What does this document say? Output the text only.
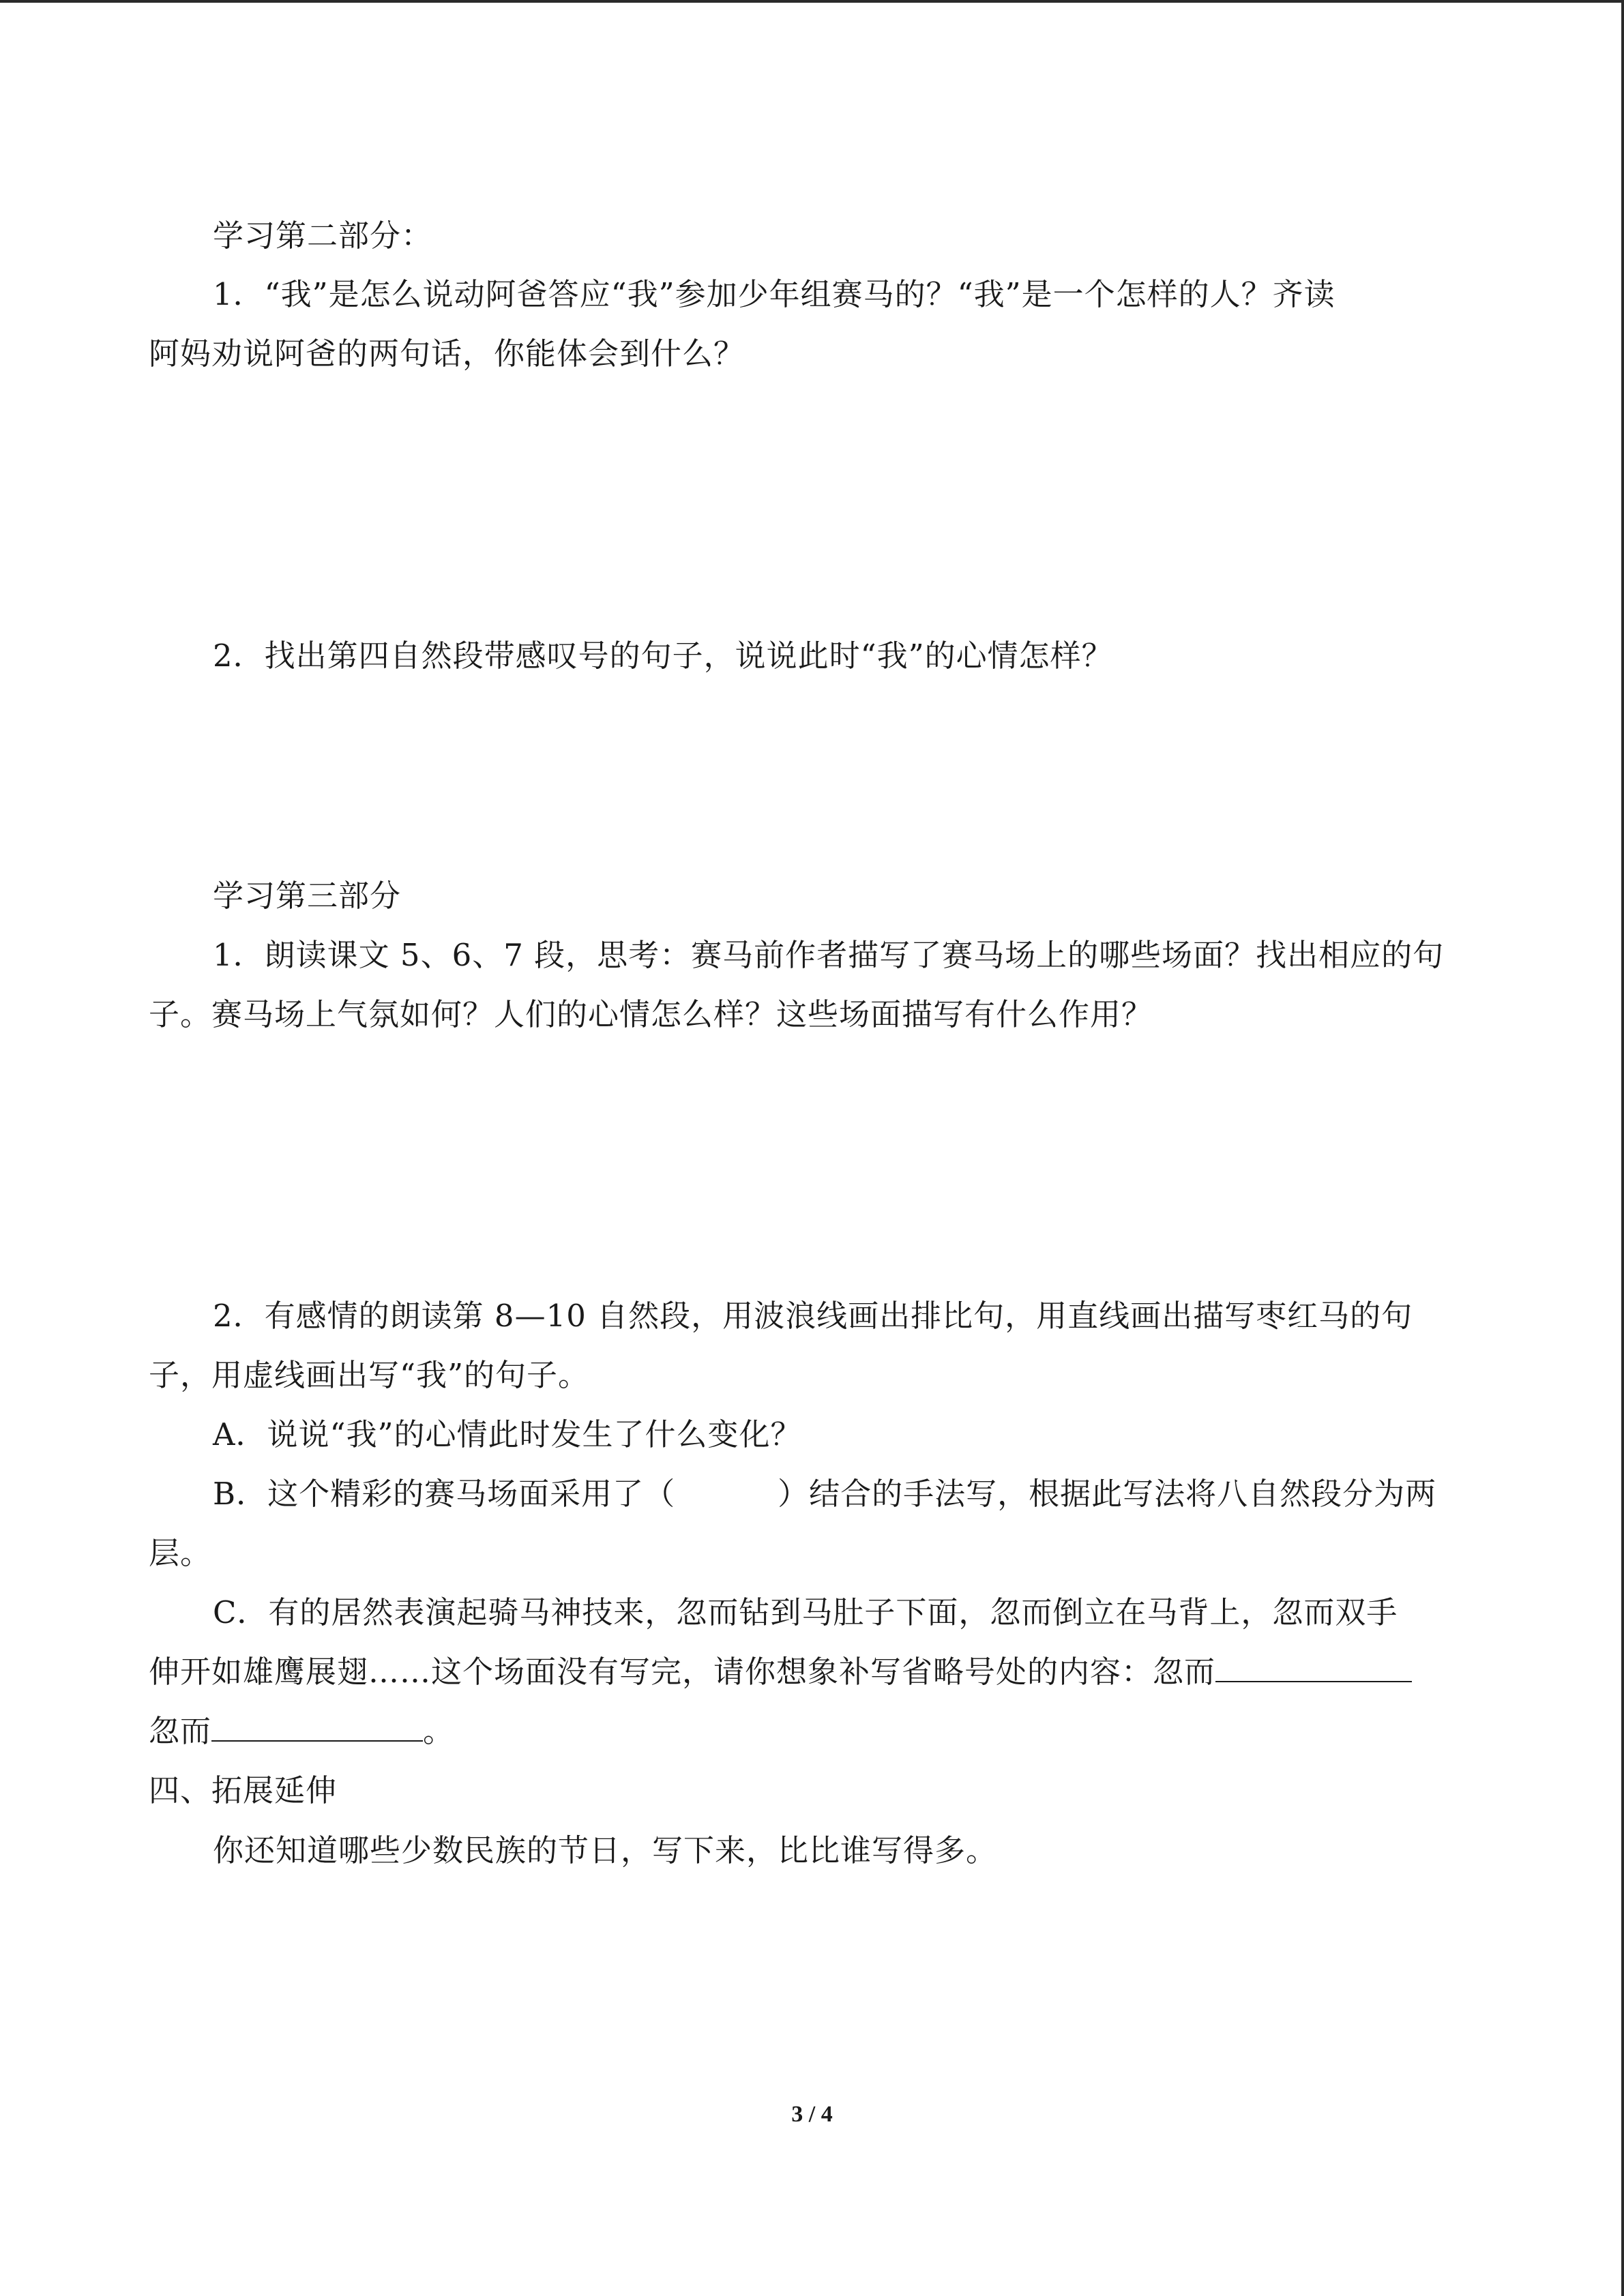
学习第二部分：
1．“我”是怎么说动阿爸答应“我”参加少年组赛马的？“我”是一个怎样的人？齐读
阿妈劝说阿爸的两句话，你能体会到什么？
2．找出第四自然段带感叹号的句子，说说此时“我”的心情怎样？
学习第三部分
1．朗读课文 5、6、7 段，思考：赛马前作者描写了赛马场上的哪些场面？找出相应的句
子。赛马场上气氛如何？人们的心情怎么样？这些场面描写有什么作用？
2．有感情的朗读第 8—10 自然段，用波浪线画出排比句，用直线画出描写枣红马的句
子，用虚线画出写“我”的句子。
A．说说“我”的心情此时发生了什么变化？
B．这个精彩的赛马场面采用了（	）结合的手法写，根据此写法将八自然段分为两
层。
C．有的居然表演起骑马神技来，忽而钻到马肚子下面，忽而倒立在马背上，忽而双手
伸开如雄鹰展翅……这个场面没有写完，请你想象补写省略号处的内容：忽而
忽而	。
四、拓展延伸
你还知道哪些少数民族的节日，写下来，比比谁写得多。
3 / 4
